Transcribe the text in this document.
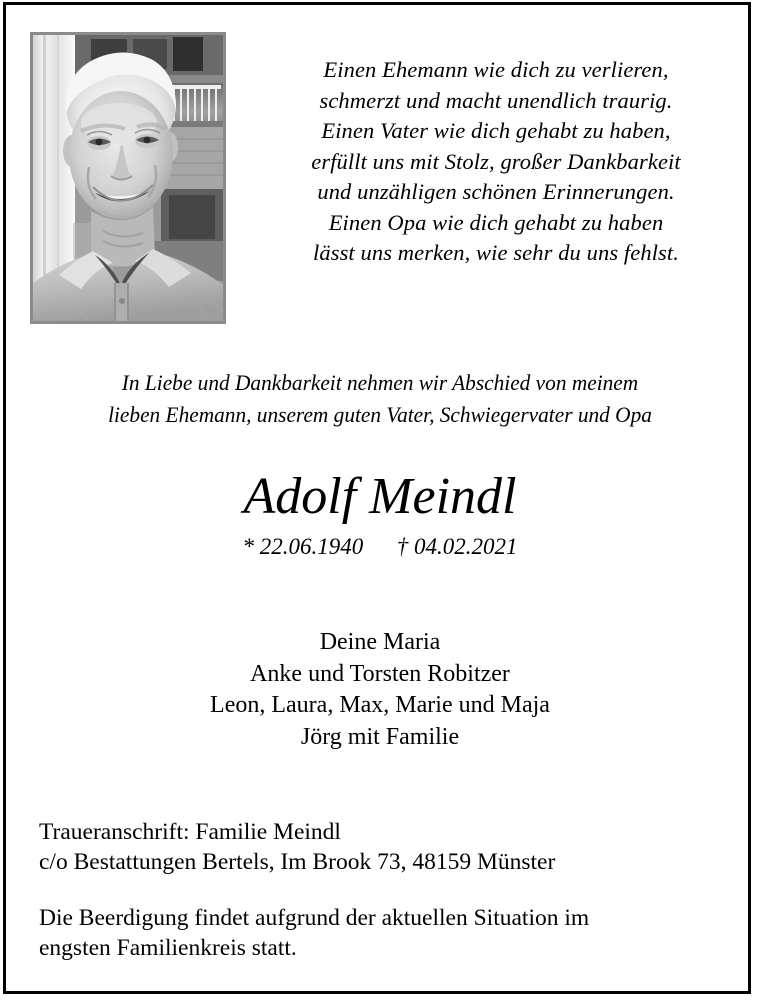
Einen Ehemann wie dich zu verlieren,
schmerzt und macht unendlich traurig.
Einen Vater wie dich gehabt zu haben,
erfüllt uns mit Stolz, großer Dankbarkeit
und unzähligen schönen Erinnerungen.
Einen Opa wie dich gehabt zu haben
lässt uns merken, wie sehr du uns fehlst.
In Liebe und Dankbarkeit nehmen wir Abschied von meinem
lieben Ehemann, unserem guten Vater, Schwiegervater und Opa
Adolf Meindl
* 22.06.1940 † 04.02.2021
Deine Maria
Anke und Torsten Robitzer
Leon, Laura, Max, Marie und Maja
Jörg mit Familie
Traueranschrift: Familie Meindl
c/o Bestattungen Bertels, Im Brook 73, 48159 Münster
Die Beerdigung findet aufgrund der aktuellen Situation im
engsten Familienkreis statt.
